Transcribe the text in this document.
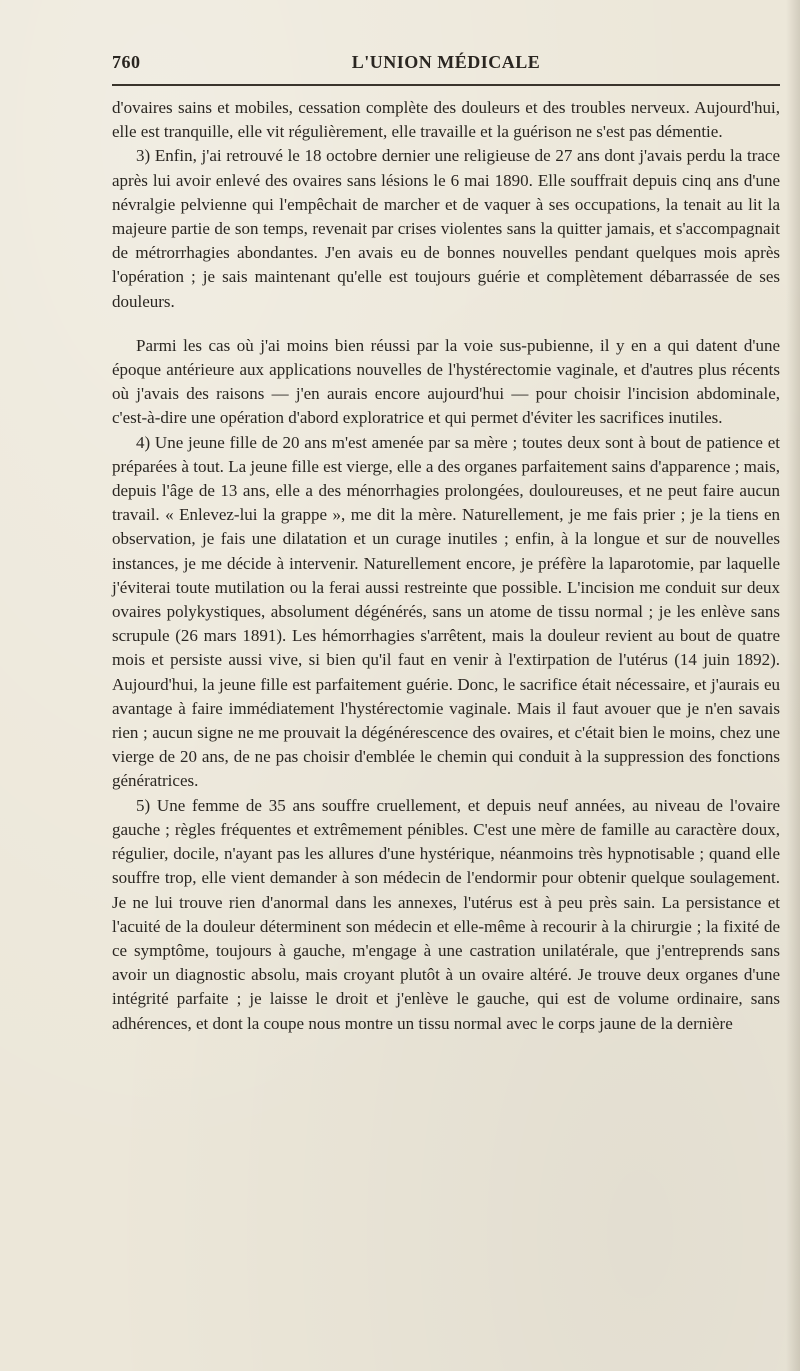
760	L'UNION MÉDICALE

d'ovaires sains et mobiles, cessation complète des douleurs et des troubles nerveux. Aujourd'hui, elle est tranquille, elle vit régulièrement, elle travaille et la guérison ne s'est pas démentie.

3) Enfin, j'ai retrouvé le 18 octobre dernier une religieuse de 27 ans dont j'avais perdu la trace après lui avoir enlevé des ovaires sans lésions le 6 mai 1890. Elle souffrait depuis cinq ans d'une névralgie pelvienne qui l'empêchait de marcher et de vaquer à ses occupations, la tenait au lit la majeure partie de son temps, revenait par crises violentes sans la quitter jamais, et s'accompagnait de métrorrhagies abondantes. J'en avais eu de bonnes nouvelles pendant quelques mois après l'opération ; je sais maintenant qu'elle est toujours guérie et complètement débarrassée de ses douleurs.

Parmi les cas où j'ai moins bien réussi par la voie sus-pubienne, il y en a qui datent d'une époque antérieure aux applications nouvelles de l'hystérectomie vaginale, et d'autres plus récents où j'avais des raisons — j'en aurais encore aujourd'hui — pour choisir l'incision abdominale, c'est-à-dire une opération d'abord exploratrice et qui permet d'éviter les sacrifices inutiles.

4) Une jeune fille de 20 ans m'est amenée par sa mère ; toutes deux sont à bout de patience et préparées à tout. La jeune fille est vierge, elle a des organes parfaitement sains d'apparence ; mais, depuis l'âge de 13 ans, elle a des ménorrhagies prolongées, douloureuses, et ne peut faire aucun travail. « Enlevez-lui la grappe », me dit la mère. Naturellement, je me fais prier ; je la tiens en observation, je fais une dilatation et un curage inutiles ; enfin, à la longue et sur de nouvelles instances, je me décide à intervenir. Naturellement encore, je préfère la laparotomie, par laquelle j'éviterai toute mutilation ou la ferai aussi restreinte que possible. L'incision me conduit sur deux ovaires polykystiques, absolument dégénérés, sans un atome de tissu normal ; je les enlève sans scrupule (26 mars 1891). Les hémorrhagies s'arrêtent, mais la douleur revient au bout de quatre mois et persiste aussi vive, si bien qu'il faut en venir à l'extirpation de l'utérus (14 juin 1892). Aujourd'hui, la jeune fille est parfaitement guérie. Donc, le sacrifice était nécessaire, et j'aurais eu avantage à faire immédiatement l'hystérectomie vaginale. Mais il faut avouer que je n'en savais rien ; aucun signe ne me prouvait la dégénérescence des ovaires, et c'était bien le moins, chez une vierge de 20 ans, de ne pas choisir d'emblée le chemin qui conduit à la suppression des fonctions génératrices.

5) Une femme de 35 ans souffre cruellement, et depuis neuf années, au niveau de l'ovaire gauche ; règles fréquentes et extrêmement pénibles. C'est une mère de famille au caractère doux, régulier, docile, n'ayant pas les allures d'une hystérique, néanmoins très hypnotisable ; quand elle souffre trop, elle vient demander à son médecin de l'endormir pour obtenir quelque soulagement. Je ne lui trouve rien d'anormal dans les annexes, l'utérus est à peu près sain. La persistance et l'acuité de la douleur déterminent son médecin et elle-même à recourir à la chirurgie ; la fixité de ce symptôme, toujours à gauche, m'engage à une castration unilatérale, que j'entreprends sans avoir un diagnostic absolu, mais croyant plutôt à un ovaire altéré. Je trouve deux organes d'une intégrité parfaite ; je laisse le droit et j'enlève le gauche, qui est de volume ordinaire, sans adhérences, et dont la coupe nous montre un tissu normal avec le corps jaune de la dernière
